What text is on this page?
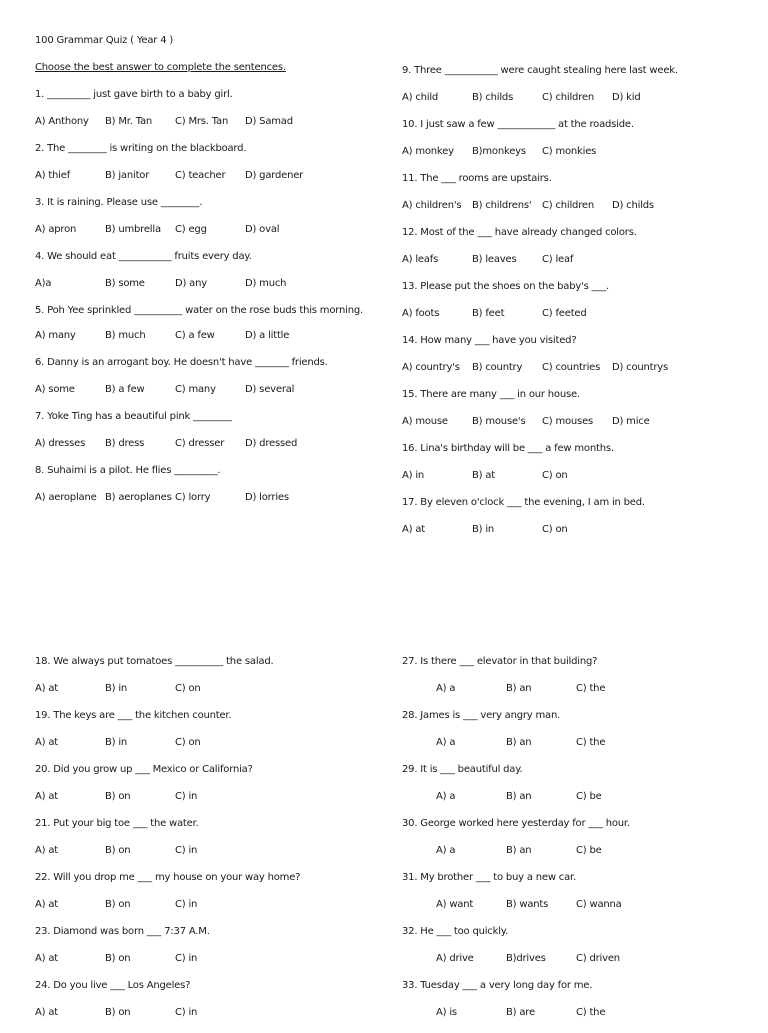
100 Grammar Quiz ( Year 4 )
Choose the best answer to complete the sentences.
1. _________ just gave birth to a baby girl.
A) Anthony	B) Mr. Tan	C) Mrs. Tan	D) Samad
2. The ________ is writing on the blackboard.
A) thief	B) janitor	C) teacher	D) gardener
3. It is raining. Please use ________.
A) apron	B) umbrella	C) egg	D) oval
4. We should eat ___________ fruits every day.
A)a	B) some	D) any	D) much
5. Poh Yee sprinkled __________ water on the rose buds this morning.
A) many	B) much	C) a few	D) a little
6. Danny is an arrogant boy. He doesn't have _______ friends.
A) some	B) a few	C) many	D) several
7. Yoke Ting has a beautiful pink ________
A) dresses	B) dress	C) dresser	D) dressed
8. Suhaimi is a pilot. He flies _________.
A) aeroplane B) aeroplanes C) lorry	D) lorries
9. Three ___________ were caught stealing here last week.
A) child	B) childs	C) children	D) kid
10. I just saw a few ____________ at the roadside.
A) monkey	B)monkeys	C) monkies
11. The ___ rooms are upstairs.
A) children's	B) childrens'	C) children	D) childs
12. Most of the ___ have already changed colors.
A) leafs	B) leaves	C) leaf
13. Please put the shoes on the baby's ___.
A) foots	B) feet	C) feeted
14. How many ___ have you visited?
A) country's	B) country	C) countries	D) countrys
15. There are many ___ in our house.
A) mouse	B) mouse's	C) mouses	D) mice
16. Lina's birthday will be ___ a few months.
A) in	B) at	C) on
17. By eleven o'clock ___ the evening, I am in bed.
A) at	B) in	C) on
18. We always put tomatoes __________ the salad.
A) at	B) in	C) on
19. The keys are ___ the kitchen counter.
A) at	B) in	C) on
20. Did you grow up ___ Mexico or California?
A) at	B) on	C) in
21. Put your big toe ___ the water.
A) at	B) on	C) in
22. Will you drop me ___ my house on your way home?
A) at	B) on	C) in
23. Diamond was born ___ 7:37 A.M.
A) at	B) on	C) in
24. Do you live ___ Los Angeles?
A) at	B) on	C) in
27. Is there ___ elevator in that building?
A) a	B) an	C) the
28. James is ___ very angry man.
A) a	B) an	C) the
29. It is ___ beautiful day.
A) a	B) an	C) be
30. George worked here yesterday for ___ hour.
A) a	B) an	C) be
31. My brother ___ to buy a new car.
A) want	B) wants	C) wanna
32. He ___ too quickly.
A) drive	B)drives	C) driven
33. Tuesday ___ a very long day for me.
A) is	B) are	C) the
